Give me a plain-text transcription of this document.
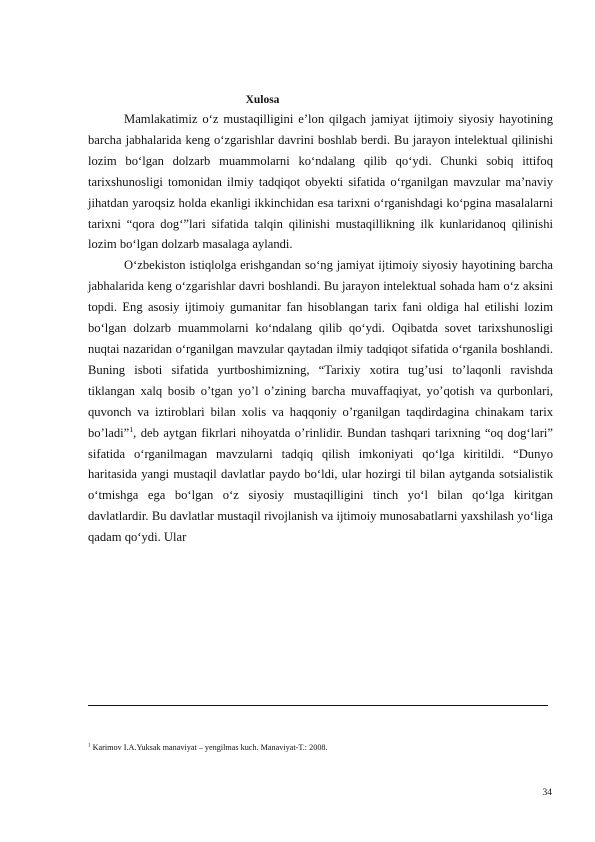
Xulosa

Mamlakatimiz o‘z mustaqilligini e’lon qilgach jamiyat ijtimoiy siyosiy hayotining barcha jabhalarida keng o‘zgarishlar davrini boshlab berdi. Bu jarayon intelektual qilinishi lozim bo‘lgan dolzarb muammolarni ko‘ndalang qilib qo‘ydi. Chunki sobiq ittifoq tarixshunosligi tomonidan ilmiy tadqiqot obyekti sifatida o‘rganilgan mavzular ma’naviy jihatdan yaroqsiz holda ekanligi ikkinchidan esa tarixni o‘rganishdagi ko‘pgina masalalarni tarixni “qora dog‘”lari sifatida talqin qilinishi mustaqillikning ilk kunlaridanoq qilinishi lozim bo‘lgan dolzarb masalaga aylandi.

O‘zbekiston istiqlolga erishgandan so‘ng jamiyat ijtimoiy siyosiy hayotining barcha jabhalarida keng o‘zgarishlar davri boshlandi. Bu jarayon intelektual sohada ham o‘z aksini topdi. Eng asosiy ijtimoiy gumanitar fan hisoblangan tarix fani oldiga hal etilishi lozim bo‘lgan dolzarb muammolarni ko‘ndalang qilib qo‘ydi. Oqibatda sovet tarixshunosligi nuqtai nazaridan o‘rganilgan mavzular qaytadan ilmiy tadqiqot sifatida o‘rganila boshlandi. Buning isboti sifatida yurtboshimizning, “Tarixiy xotira tug’usi to’laqonli ravishda tiklangan xalq bosib o’tgan yo’l o’zining barcha muvaffaqiyat, yo’qotish va qurbonlari, quvonch va iztiroblari bilan xolis va haqqoniy o’rganilgan taqdirdagina chinakam tarix bo’ladi”$^1$, deb aytgan fikrlari nihoyatda o’rinlidir. Bundan tashqari tarixning “oq dog‘lari” sifatida o‘rganilmagan mavzularni tadqiq qilish imkoniyati qo‘lga kiritildi. “Dunyo haritasida yangi mustaqil davlatlar paydo bo‘ldi, ular hozirgi til bilan aytganda sotsialistik o‘tmishga ega bo‘lgan o‘z siyosiy mustaqilligini tinch yo‘l bilan qo‘lga kiritgan davlatlardir. Bu davlatlar mustaqil rivojlanish va ijtimoiy munosabatlarni yaxshilash yo‘liga qadam qo‘ydi. Ular

$^1$ Karimov I.A.Yuksak manaviyat – yengilmas kuch. Manaviyat-T.: 2008.
34
